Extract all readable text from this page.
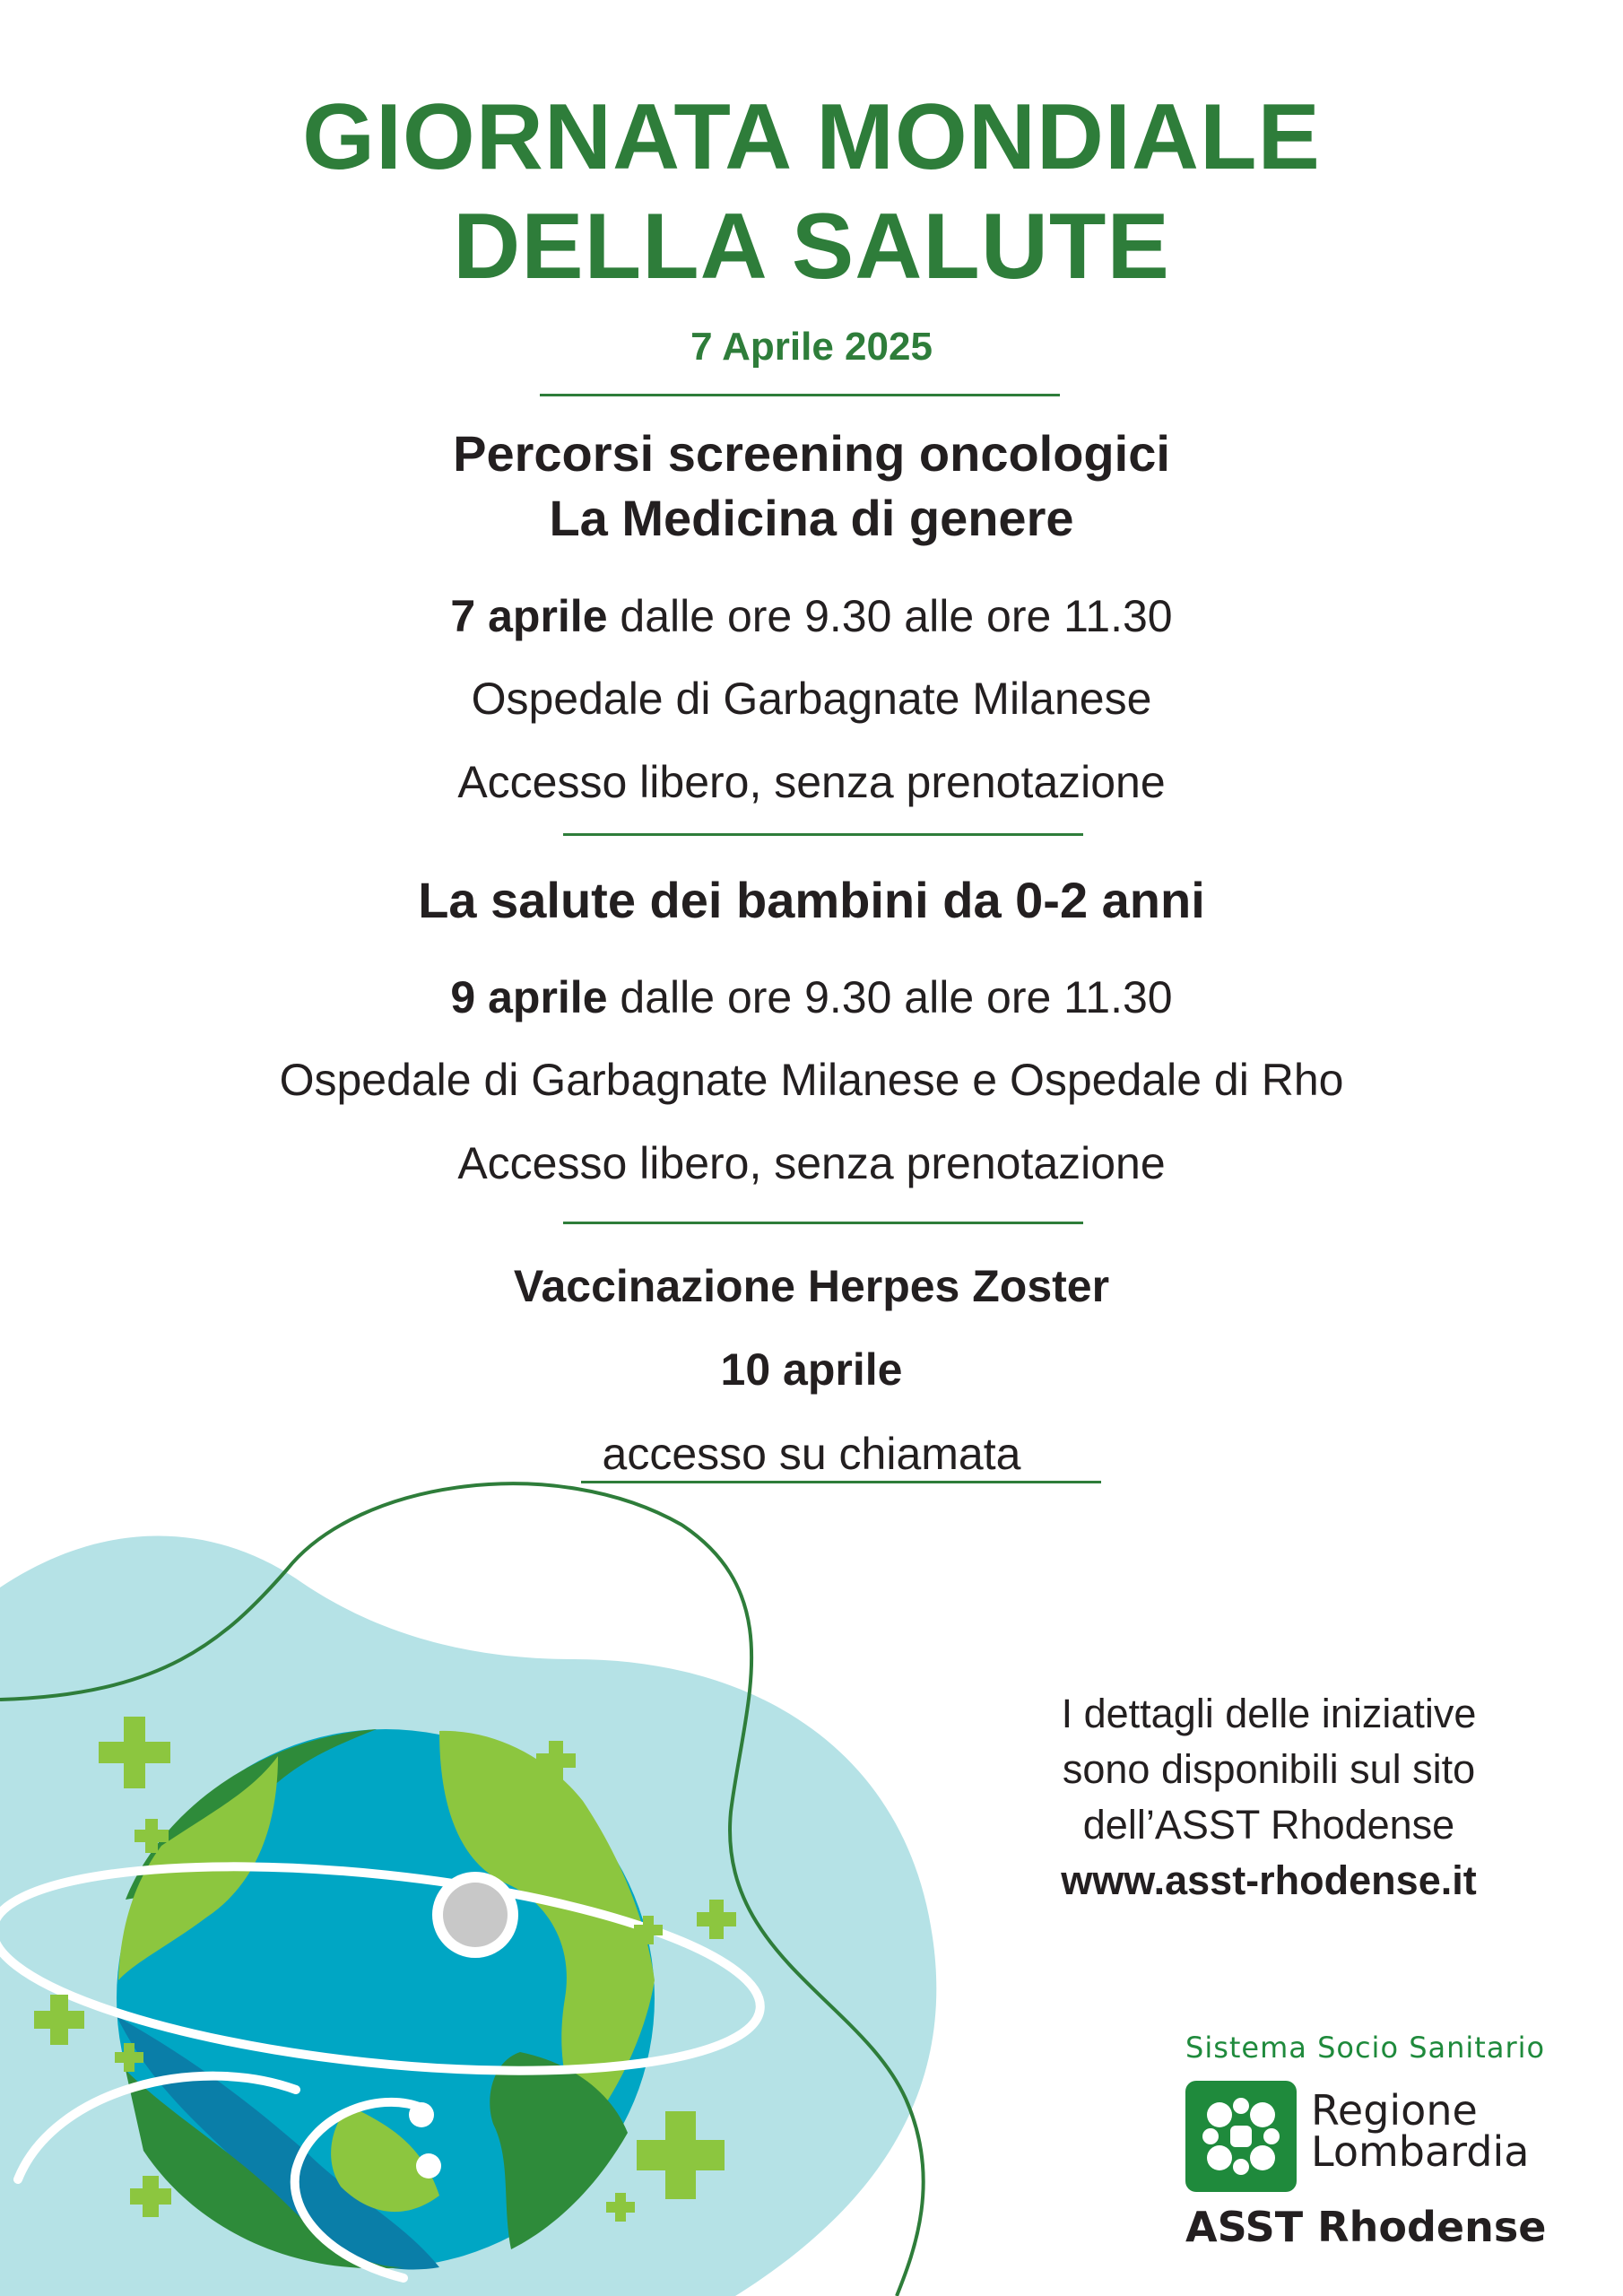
GIORNATA MONDIALE
DELLA SALUTE
7 Aprile 2025
Percorsi screening oncologici
La Medicina di genere
7 aprile dalle ore 9.30 alle ore 11.30
Ospedale di Garbagnate Milanese
Accesso libero, senza prenotazione
La salute dei bambini da 0-2 anni
9 aprile dalle ore 9.30 alle ore 11.30
Ospedale di Garbagnate Milanese e Ospedale di Rho
Accesso libero, senza prenotazione
Vaccinazione Herpes Zoster
10 aprile
accesso su chiamata
I dettagli delle iniziative
sono disponibili sul sito
dell’ASST Rhodense
www.asst-rhodense.it
Sistema Socio Sanitario
Regione
Lombardia
ASST Rhodense
